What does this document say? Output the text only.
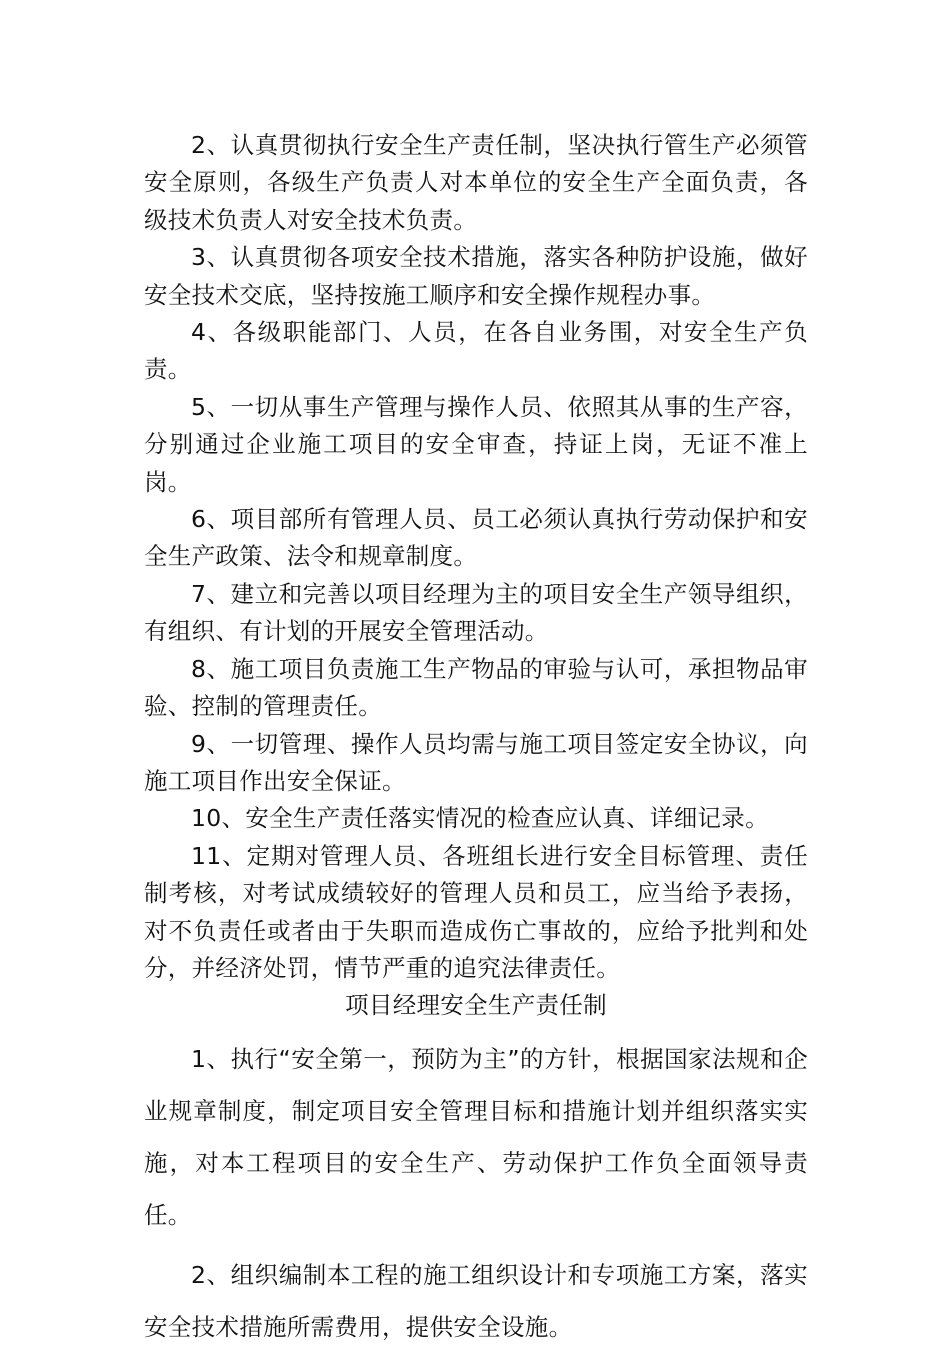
2、认真贯彻执行安全生产责任制，坚决执行管生产必须管安全原则，各级生产负责人对本单位的安全生产全面负责，各级技术负责人对安全技术负责。

3、认真贯彻各项安全技术措施，落实各种防护设施，做好安全技术交底，坚持按施工顺序和安全操作规程办事。

4、各级职能部门、人员，在各自业务围，对安全生产负责。

5、一切从事生产管理与操作人员、依照其从事的生产容，分别通过企业施工项目的安全审查，持证上岗，无证不准上岗。

6、项目部所有管理人员、员工必须认真执行劳动保护和安全生产政策、法令和规章制度。

7、建立和完善以项目经理为主的项目安全生产领导组织，有组织、有计划的开展安全管理活动。

8、施工项目负责施工生产物品的审验与认可，承担物品审验、控制的管理责任。

9、一切管理、操作人员均需与施工项目签定安全协议，向施工项目作出安全保证。

10、安全生产责任落实情况的检查应认真、详细记录。

11、定期对管理人员、各班组长进行安全目标管理、责任制考核，对考试成绩较好的管理人员和员工，应当给予表扬，对不负责任或者由于失职而造成伤亡事故的，应给予批判和处分，并经济处罚，情节严重的追究法律责任。

项目经理安全生产责任制

1、执行“安全第一，预防为主”的方针，根据国家法规和企业规章制度，制定项目安全管理目标和措施计划并组织落实实施，对本工程项目的安全生产、劳动保护工作负全面领导责任。

2、组织编制本工程的施工组织设计和专项施工方案，落实安全技术措施所需费用，提供安全设施。
